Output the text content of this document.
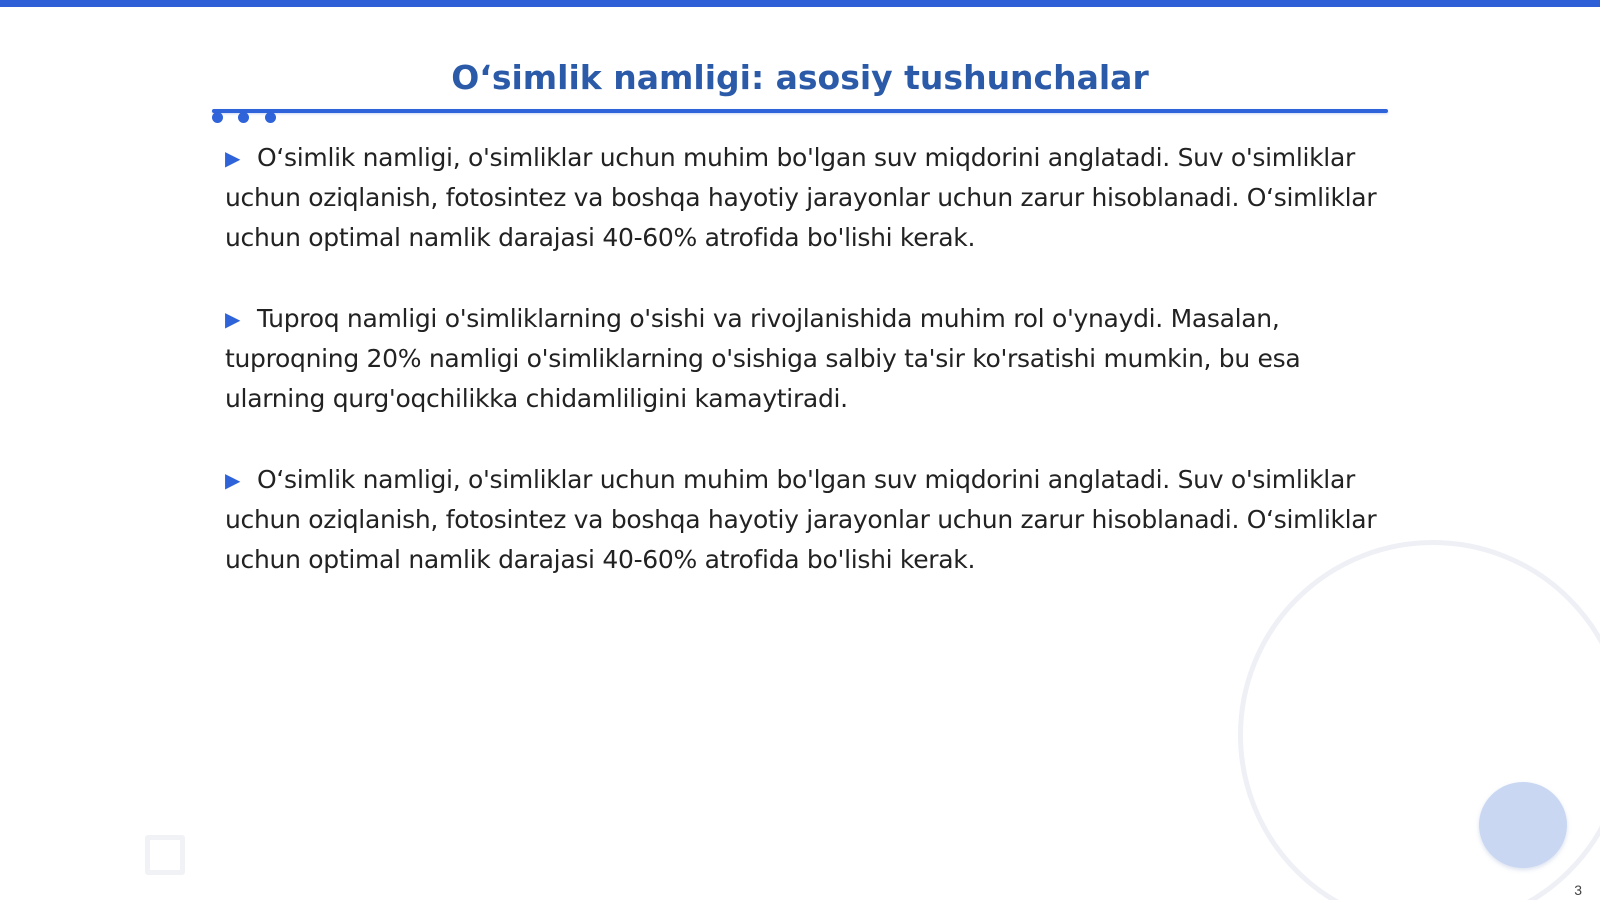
Oʻsimlik namligi: asosiy tushunchalar

▶ Oʻsimlik namligi, o'simliklar uchun muhim bo'lgan suv miqdorini anglatadi. Suv o'simliklar uchun oziqlanish, fotosintez va boshqa hayotiy jarayonlar uchun zarur hisoblanadi. Oʻsimliklar uchun optimal namlik darajasi 40-60% atrofida bo'lishi kerak.

▶ Tuproq namligi o'simliklarning o'sishi va rivojlanishida muhim rol o'ynaydi. Masalan, tuproqning 20% namligi o'simliklarning o'sishiga salbiy ta'sir ko'rsatishi mumkin, bu esa ularning qurg'oqchilikka chidamliligini kamaytiradi.

▶ Oʻsimlik namligi, o'simliklar uchun muhim bo'lgan suv miqdorini anglatadi. Suv o'simliklar uchun oziqlanish, fotosintez va boshqa hayotiy jarayonlar uchun zarur hisoblanadi. Oʻsimliklar uchun optimal namlik darajasi 40-60% atrofida bo'lishi kerak.

3
